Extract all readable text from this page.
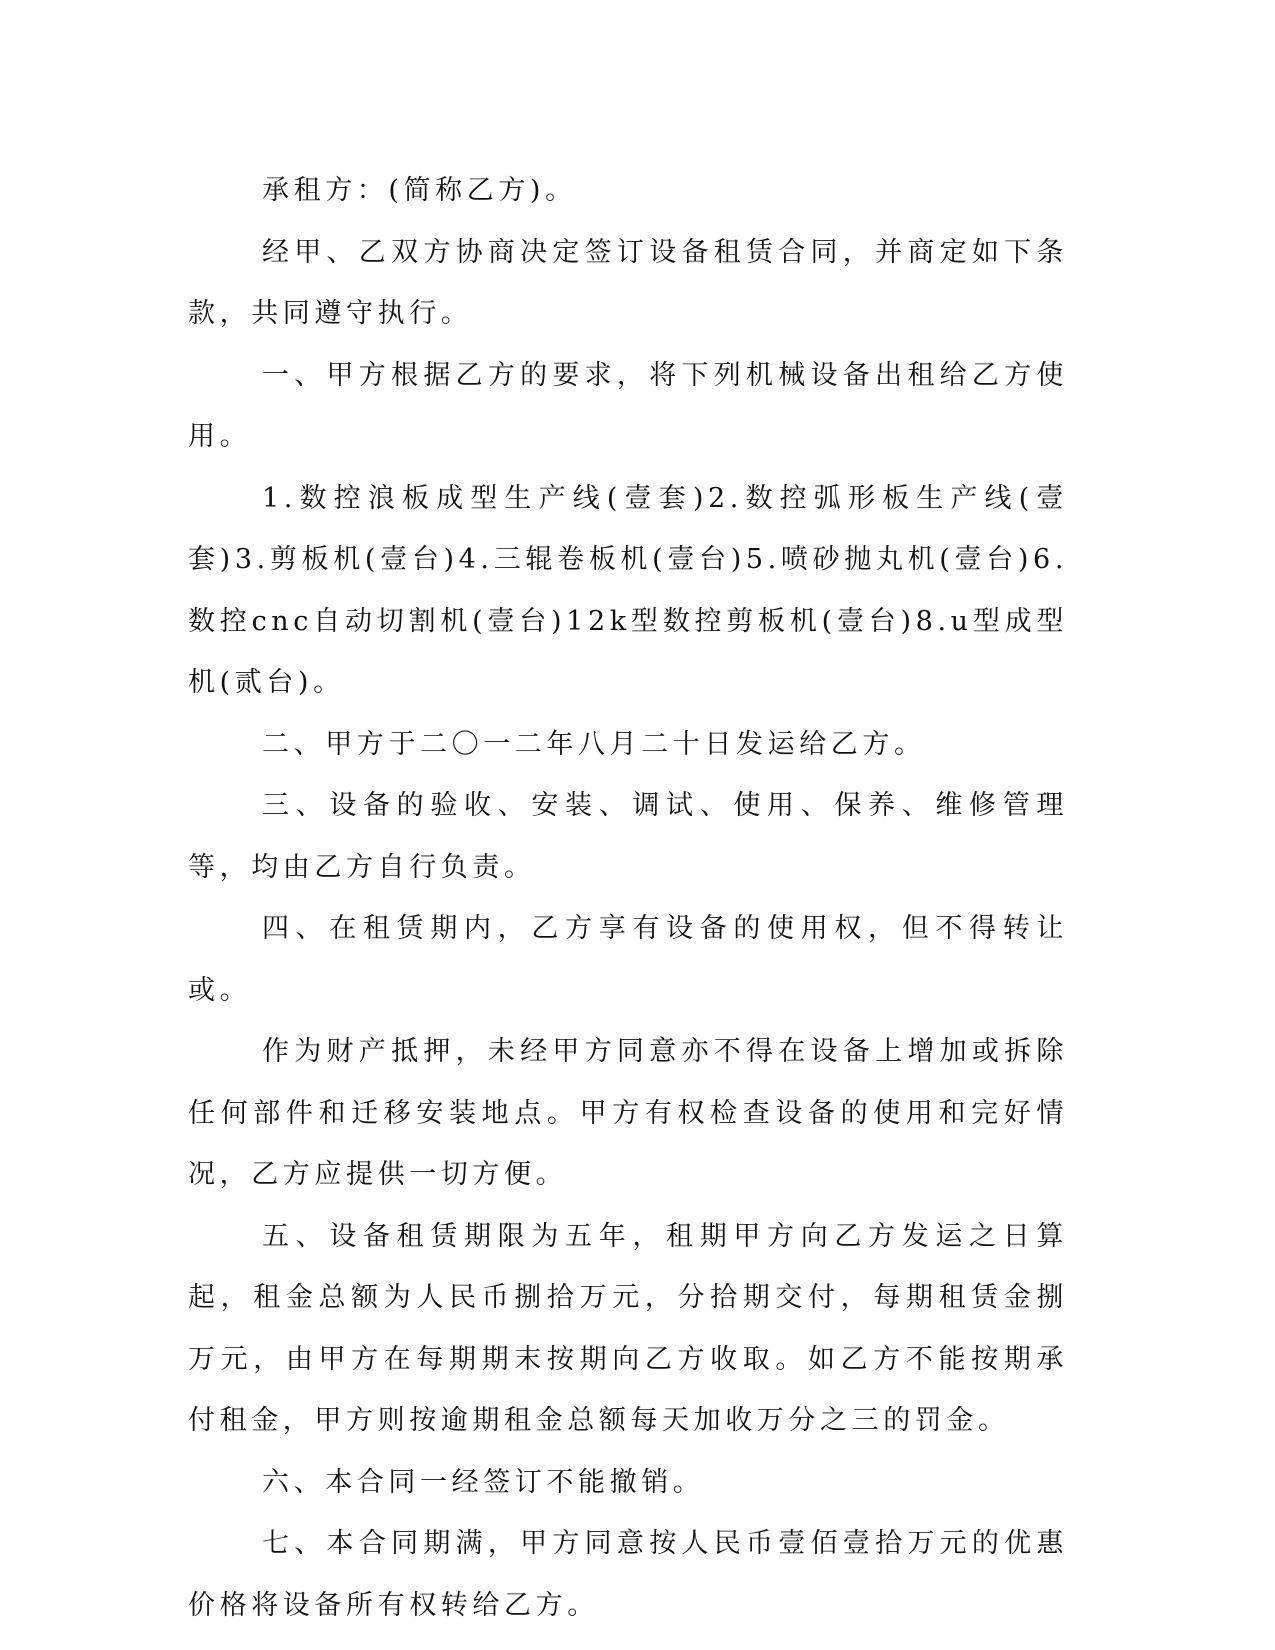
承租方：(简称乙方)。

经甲、乙双方协商决定签订设备租赁合同，并商定如下条款，共同遵守执行。

一、甲方根据乙方的要求，将下列机械设备出租给乙方使用。

1.数控浪板成型生产线(壹套)2.数控弧形板生产线(壹套)3.剪板机(壹台)4.三辊卷板机(壹台)5.喷砂抛丸机(壹台)6.数控cnc自动切割机(壹台)12k型数控剪板机(壹台)8.u型成型机(贰台)。

二、甲方于二〇一二年八月二十日发运给乙方。

三、设备的验收、安装、调试、使用、保养、维修管理等，均由乙方自行负责。

四、在租赁期内，乙方享有设备的使用权，但不得转让或。

作为财产抵押，未经甲方同意亦不得在设备上增加或拆除任何部件和迁移安装地点。甲方有权检查设备的使用和完好情况，乙方应提供一切方便。

五、设备租赁期限为五年，租期甲方向乙方发运之日算起，租金总额为人民币捌拾万元，分拾期交付，每期租赁金捌万元，由甲方在每期期末按期向乙方收取。如乙方不能按期承付租金，甲方则按逾期租金总额每天加收万分之三的罚金。

六、本合同一经签订不能撤销。

七、本合同期满，甲方同意按人民币壹佰壹拾万元的优惠价格将设备所有权转给乙方。
